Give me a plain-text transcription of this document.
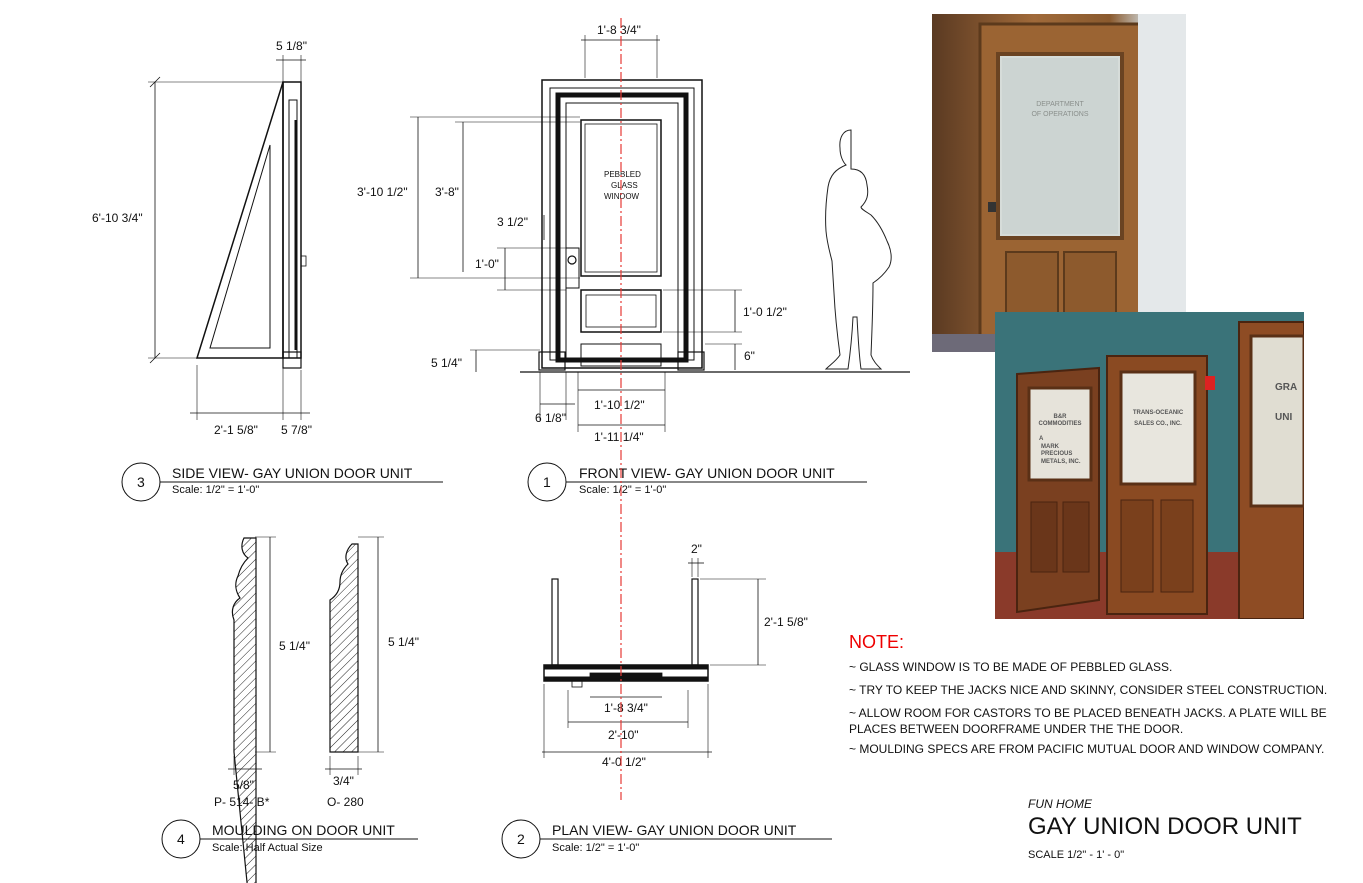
5 1/8"
6'-10 3/4"
2'-1 5/8" 5 7/8"
3
SIDE VIEW- GAY UNION DOOR UNIT
Scale: 1/2" = 1'-0"
PEBBLED
GLASS
WINDOW
1'-8 3/4"
3'-10 1/2" 3'-8"
3 1/2"
1'-0"
1'-0 1/2"
6"
5 1/4"
6 1/8"
1'-10 1/2"
1'-11 1/4"
1
FRONT VIEW- GAY UNION DOOR UNIT
Scale: 1/2" = 1'-0"
5 1/4"	5 1/4"
5/8"	3/4"
P- 514- B*	O- 280
4
MOULDING ON DOOR UNIT
Scale: Half Actual Size
2"
2'-1 5/8"
1'-8 3/4"
2'-10"
4'-0 1/2"
2
PLAN VIEW- GAY UNION DOOR UNIT
Scale: 1/2" = 1'-0"
DEPARTMENT
OF OPERATIONS
B&R
COMMODITIES
A
MARK
PRECIOUS
METALS, INC.
TRANS-OCEANIC
SALES CO., INC.
GRA
UNI
NOTE:

~ GLASS WINDOW IS TO BE MADE OF PEBBLED GLASS.

~ TRY TO KEEP THE JACKS NICE AND SKINNY, CONSIDER STEEL CONSTRUCTION.

~ ALLOW ROOM FOR CASTORS TO BE PLACED BENEATH JACKS. A PLATE WILL BE PLACES BETWEEN DOORFRAME UNDER THE THE DOOR.

~ MOULDING SPECS ARE FROM PACIFIC MUTUAL DOOR AND WINDOW COMPANY.

FUN HOME
GAY UNION DOOR UNIT
SCALE 1/2" - 1' - 0"
